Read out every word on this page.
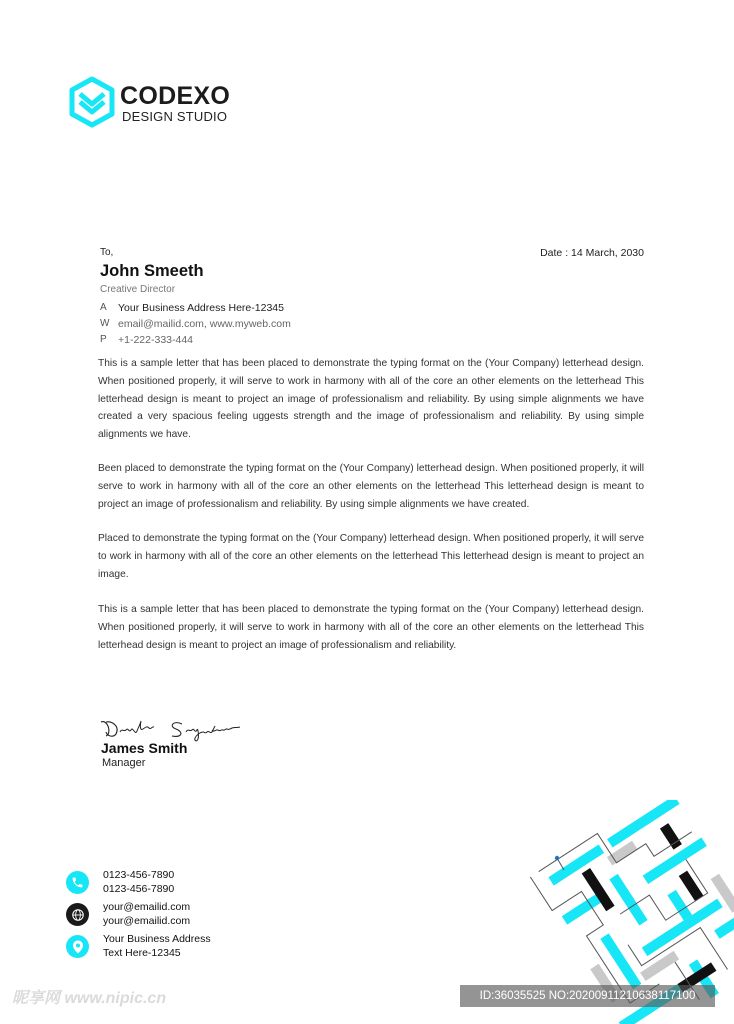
CODEXO
DESIGN STUDIO
To,	Date : 14 March, 2030
John Smeeth
Creative Director
A	Your Business Address Here-12345
W email@mailid.com, www.myweb.com
P	+1-222-333-444

This is a sample letter that has been placed to demonstrate the typing format on the (Your Company) letterhead design. When positioned properly, it will serve to work in harmony with all of the core an other elements on the letterhead This letterhead design is meant to project an image of professionalism and reliability. By using simple alignments we have created a very spacious feeling uggests strength and the image of professionalism and reliability. By using simple alignments we have.

Been placed to demonstrate the typing format on the (Your Company) letterhead design. When positioned properly, it will serve to work in harmony with all of the core an other elements on the letterhead This letterhead design is meant to project an image of professionalism and reliability. By using simple alignments we have created.

Placed to demonstrate the typing format on the (Your Company) letterhead design. When positioned properly, it will serve to work in harmony with all of the core an other elements on the letterhead This letterhead design is meant to project an image.

This is a sample letter that has been placed to demonstrate the typing format on the (Your Company) letterhead design. When positioned properly, it will serve to work in harmony with all of the core an other elements on the letterhead This letterhead design is meant to project an image of professionalism and reliability.

James Smith
Manager
0123-456-7890
0123-456-7890
your@emailid.com
your@emailid.com
Your Business Address
Text Here-12345
昵享网 www.nipic.cn	ID:36035525 NO:20200911210638117100
